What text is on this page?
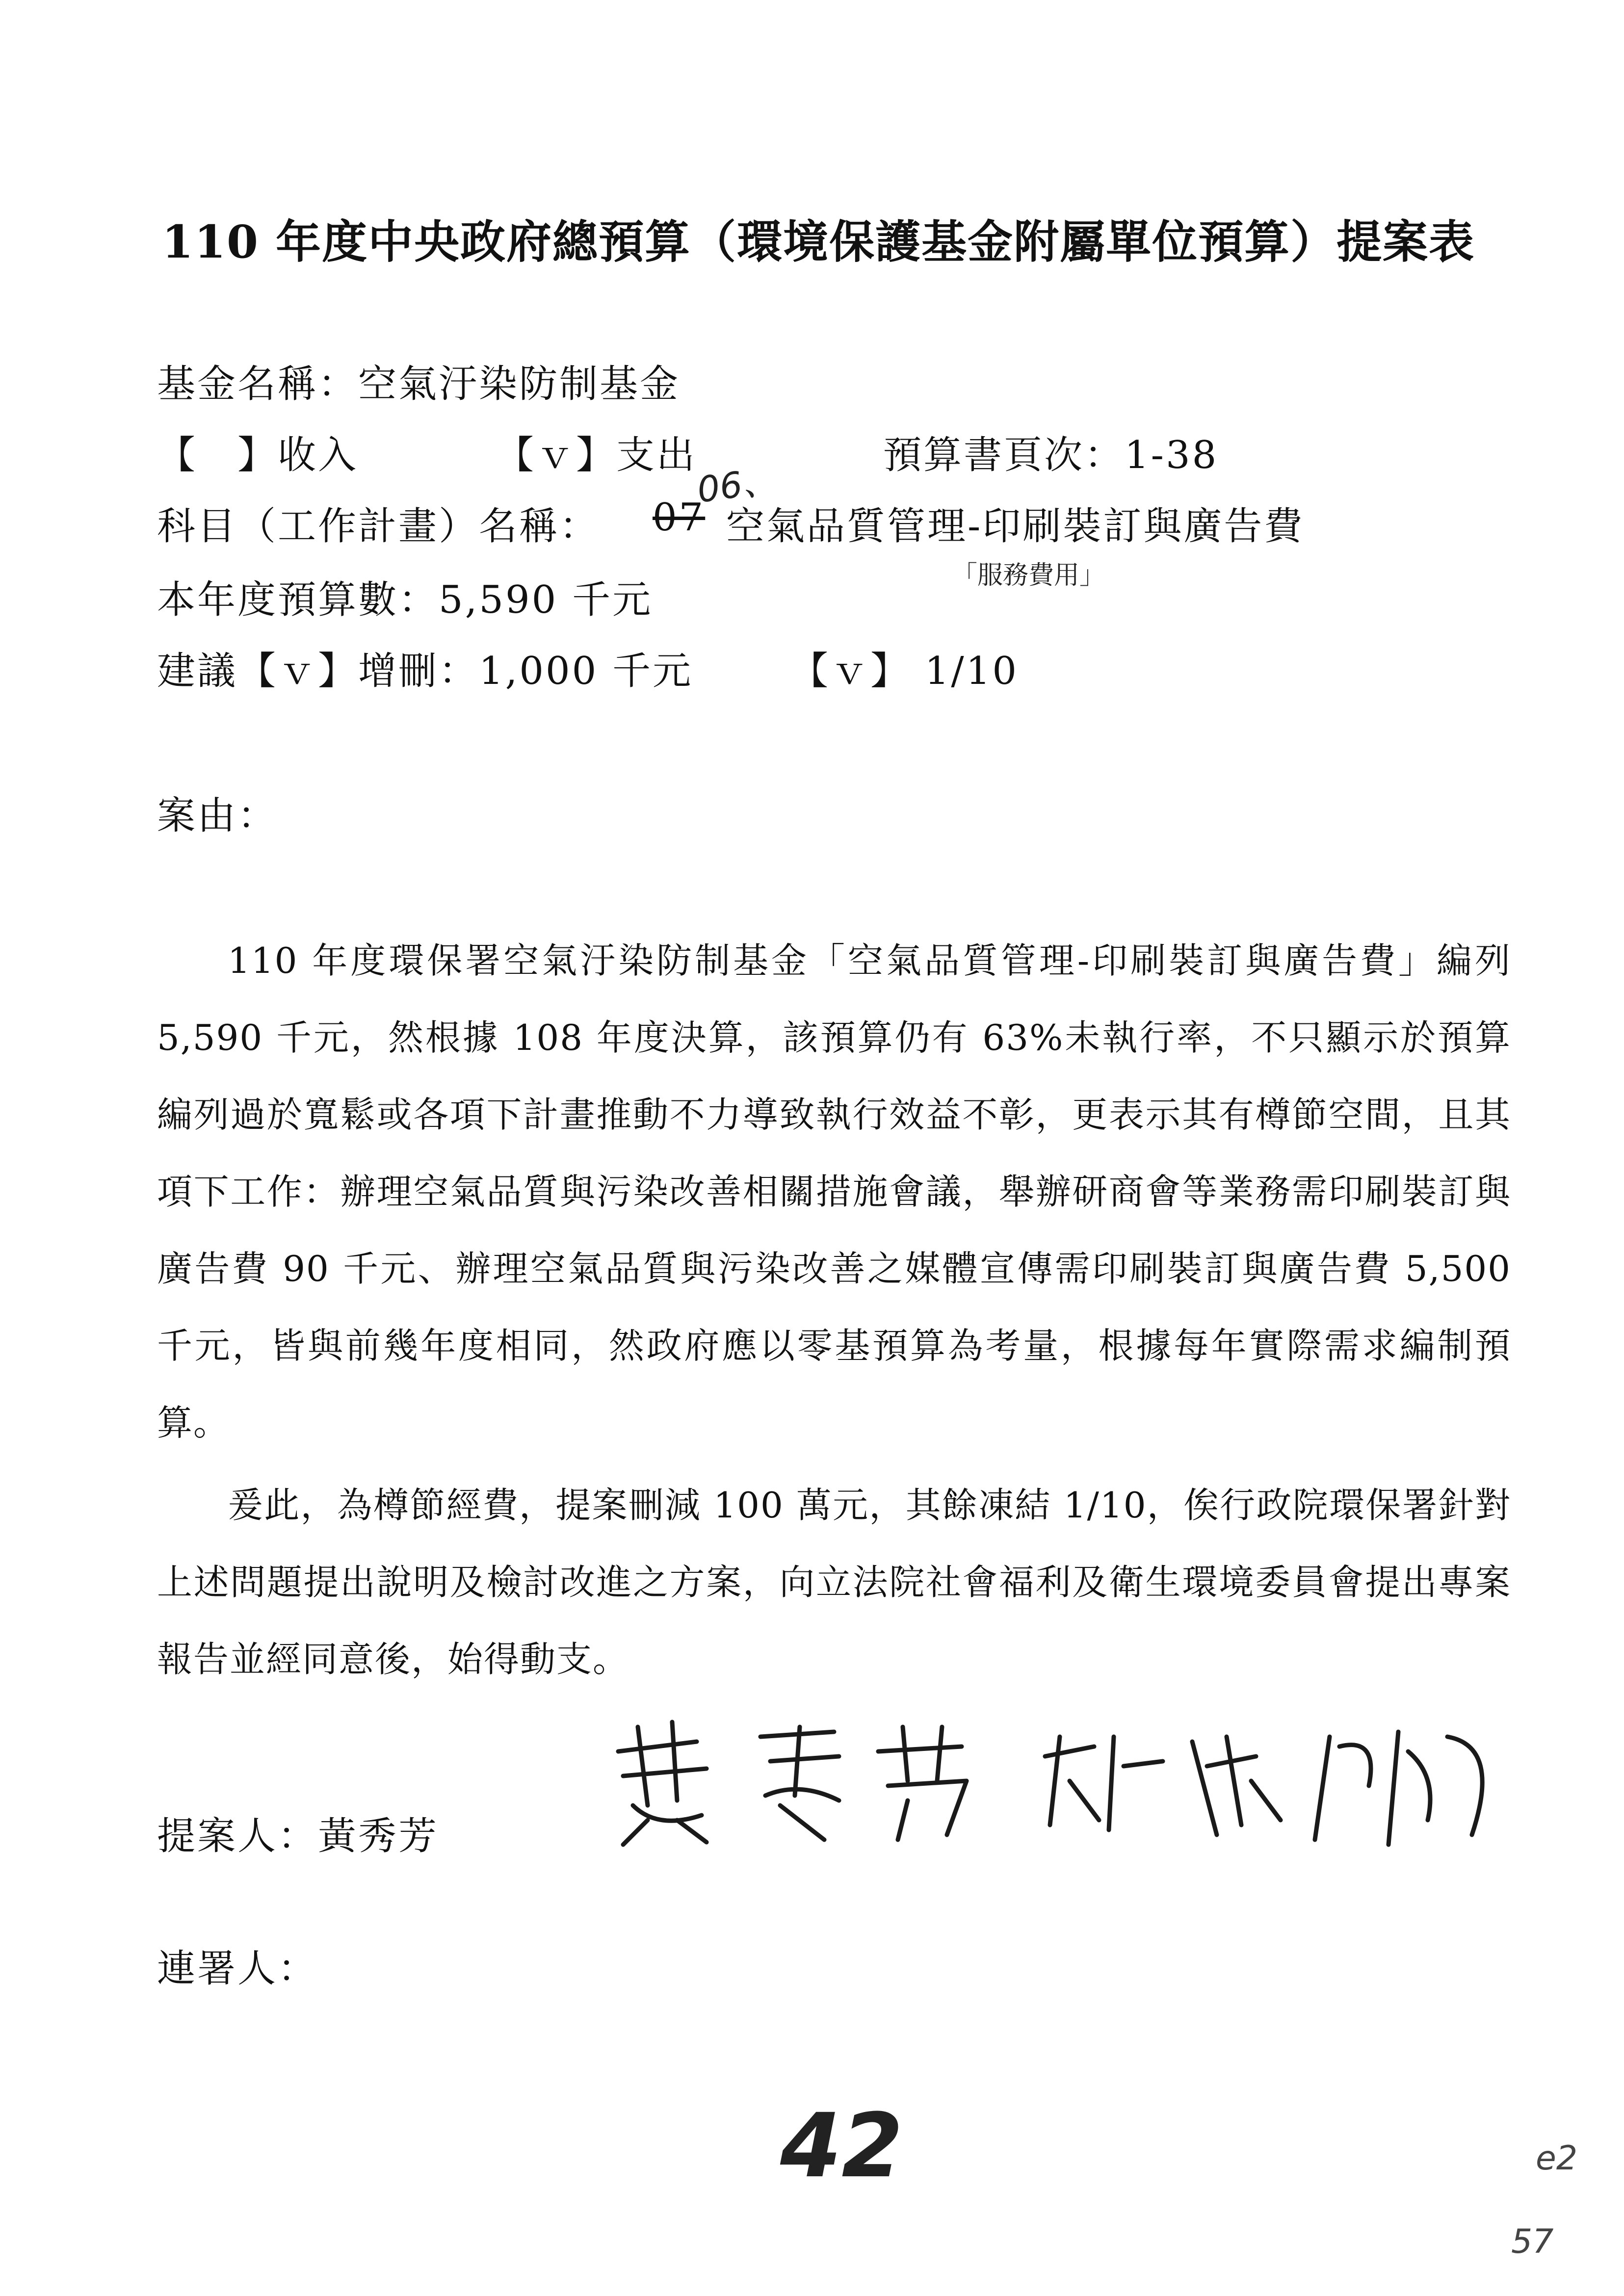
110 年度中央政府總預算（環境保護基金附屬單位預算）提案表
基金名稱：空氣汙染防制基金
【　】收入	【ｖ】支出	預算書頁次：1-38
06、
科目（工作計畫）名稱： 07 空氣品質管理-印刷裝訂與廣告費
「服務費用」
本年度預算數：5,590 千元
建議【ｖ】增刪：1,000 千元	【ｖ】 1/10
案由：
110 年度環保署空氣汙染防制基金「空氣品質管理-印刷裝訂與廣告費」編列 5,590 千元，然根據 108 年度決算，該預算仍有 63%未執行率，不只顯示於預算編列過於寬鬆或各項下計畫推動不力導致執行效益不彰，更表示其有樽節空間，且其項下工作：辦理空氣品質與污染改善相關措施會議，舉辦研商會等業務需印刷裝訂與廣告費 90 千元、辦理空氣品質與污染改善之媒體宣傳需印刷裝訂與廣告費 5,500 千元，皆與前幾年度相同，然政府應以零基預算為考量，根據每年實際需求編制預算。
爰此，為樽節經費，提案刪減 100 萬元，其餘凍結 1/10，俟行政院環保署針對上述問題提出說明及檢討改進之方案，向立法院社會福利及衛生環境委員會提出專案報告並經同意後，始得動支。
提案人：黃秀芳
連署人：
42	e2
57
